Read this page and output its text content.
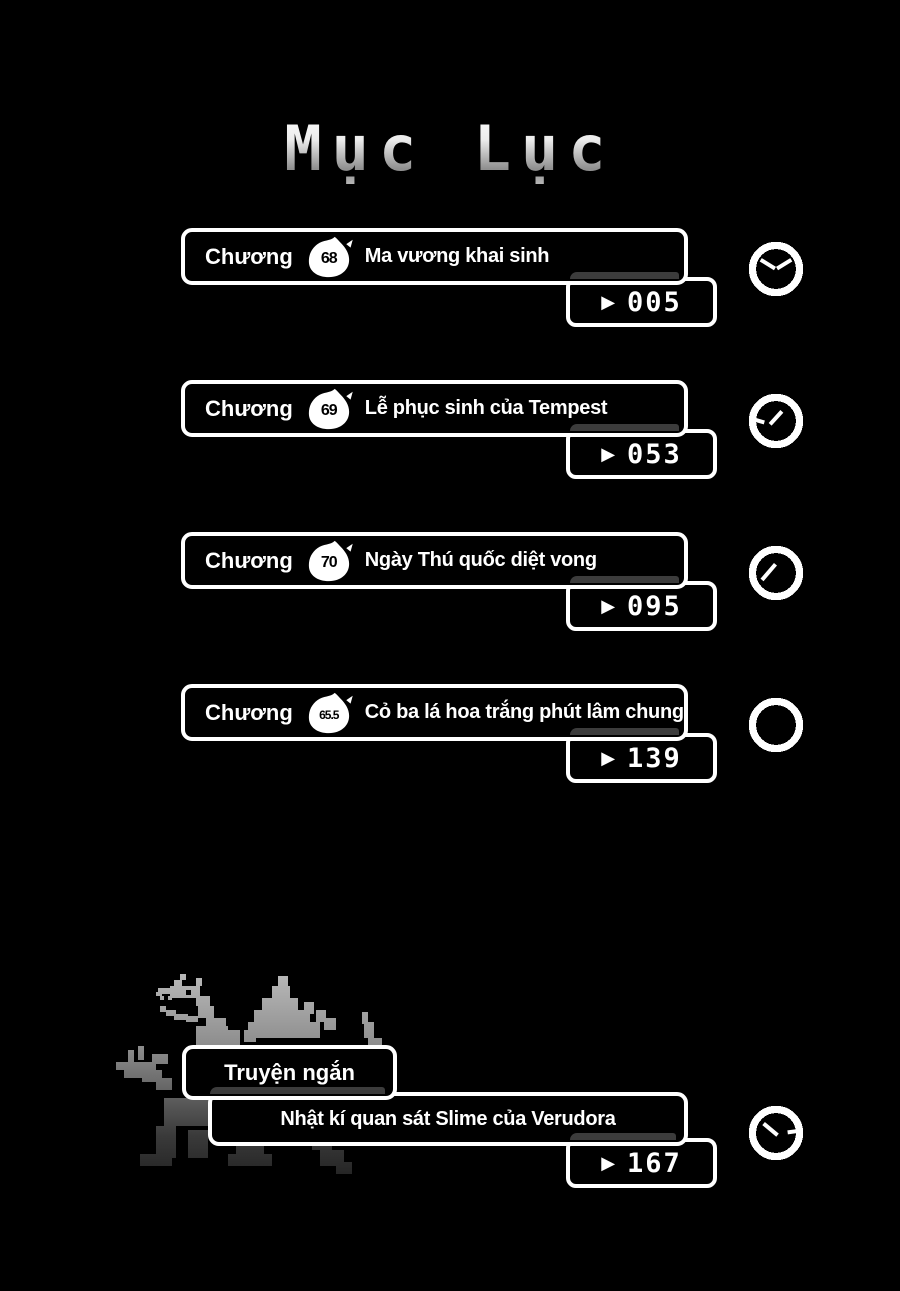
Mục Lục
Chương	68	Ma vương khai sinh
▶ 005
Chương	69	Lễ phục sinh của Tempest
▶ 053
Chương	70	Ngày Thú quốc diệt vong
▶ 095
Chương	65.5	Cỏ ba lá hoa trắng phút lâm chung
▶ 139
Truyện ngắn
Nhật kí quan sát Slime của Verudora
▶ 167
